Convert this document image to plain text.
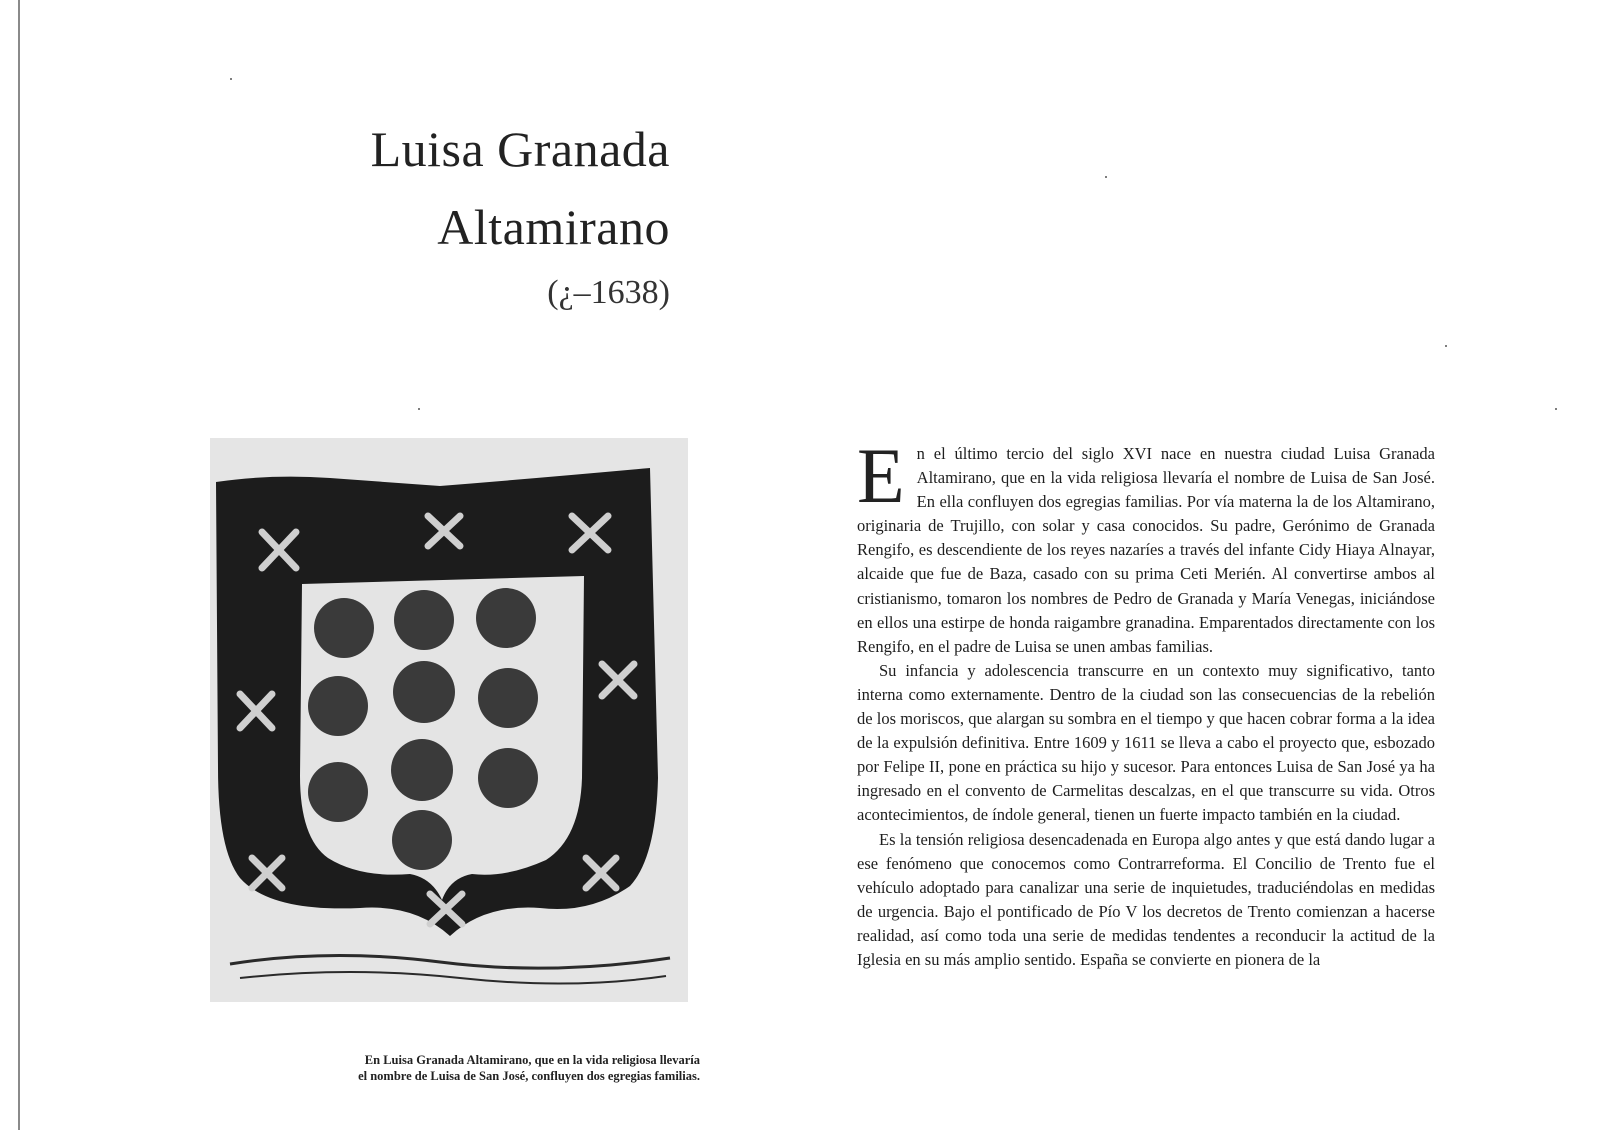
Luisa Granada
Altamirano
(¿–1638)
En Luisa Granada Altamirano, que en la vida religiosa llevaría
el nombre de Luisa de San José, confluyen dos egregias familias.

En el último tercio del siglo XVI nace en nuestra ciudad Luisa Granada Altamirano, que en la vida religiosa llevaría el nombre de Luisa de San José. En ella confluyen dos egregias familias. Por vía materna la de los Altamirano, originaria de Trujillo, con solar y casa conocidos. Su padre, Gerónimo de Granada Rengifo, es descendiente de los reyes nazaríes a través del infante Cidy Hiaya Alnayar, alcaide que fue de Baza, casado con su prima Ceti Merién. Al convertirse ambos al cristianismo, tomaron los nombres de Pedro de Granada y María Venegas, iniciándose en ellos una estirpe de honda raigambre granadina. Emparentados directamente con los Rengifo, en el padre de Luisa se unen ambas familias.

Su infancia y adolescencia transcurre en un contexto muy significativo, tanto interna como externamente. Dentro de la ciudad son las consecuencias de la rebelión de los moriscos, que alargan su sombra en el tiempo y que hacen cobrar forma a la idea de la expulsión definitiva. Entre 1609 y 1611 se lleva a cabo el proyecto que, esbozado por Felipe II, pone en práctica su hijo y sucesor. Para entonces Luisa de San José ya ha ingresado en el convento de Carmelitas descalzas, en el que transcurre su vida. Otros acontecimientos, de índole general, tienen un fuerte impacto también en la ciudad.

Es la tensión religiosa desencadenada en Europa algo antes y que está dando lugar a ese fenómeno que conocemos como Contrarreforma. El Concilio de Trento fue el vehículo adoptado para canalizar una serie de inquietudes, traduciéndolas en medidas de urgencia. Bajo el pontificado de Pío V los decretos de Trento comienzan a hacerse realidad, así como toda una serie de medidas tendentes a reconducir la actitud de la Iglesia en su más amplio sentido. España se convierte en pionera de la
